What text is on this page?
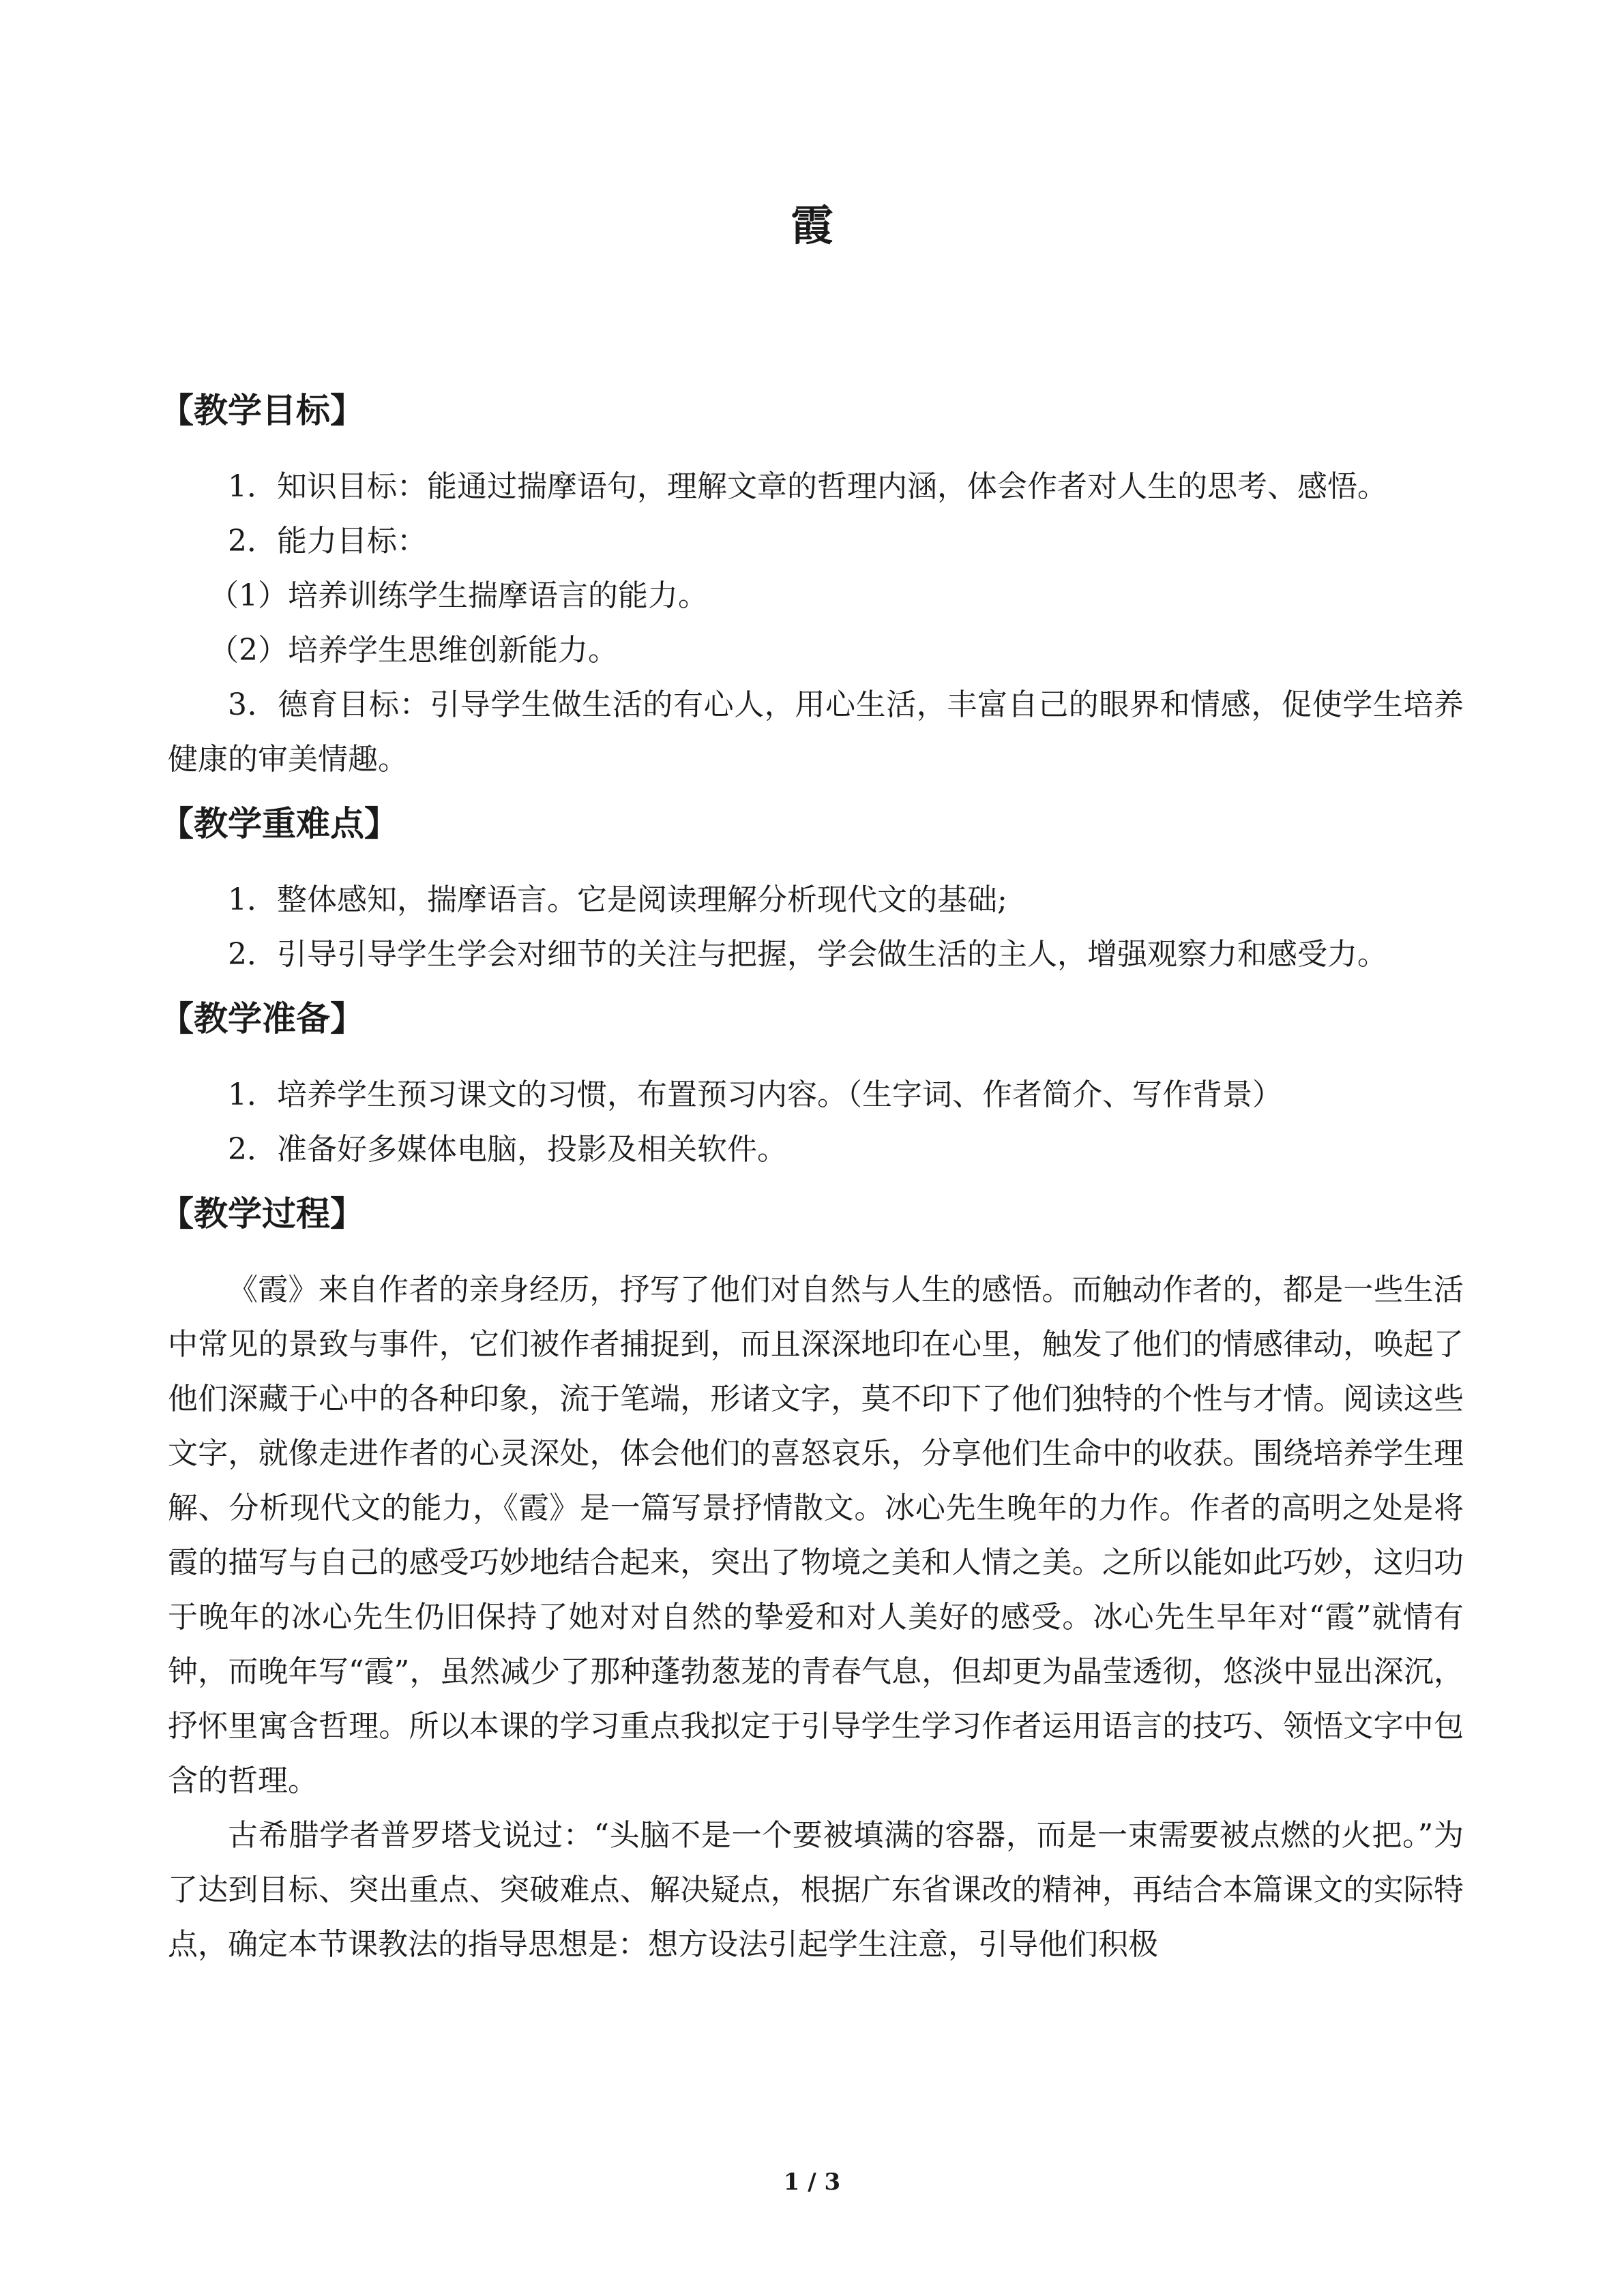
霞
【教学目标】

1．知识目标：能通过揣摩语句，理解文章的哲理内涵，体会作者对人生的思考、感悟。

2．能力目标：

（1）培养训练学生揣摩语言的能力。

（2）培养学生思维创新能力。

3．德育目标：引导学生做生活的有心人，用心生活，丰富自己的眼界和情感，促使学生培养健康的审美情趣。

【教学重难点】

1．整体感知，揣摩语言。它是阅读理解分析现代文的基础;

2．引导引导学生学会对细节的关注与把握，学会做生活的主人，增强观察力和感受力。

【教学准备】

1．培养学生预习课文的习惯，布置预习内容。（生字词、作者简介、写作背景）

2．准备好多媒体电脑，投影及相关软件。

【教学过程】

《霞》来自作者的亲身经历，抒写了他们对自然与人生的感悟。而触动作者的，都是一些生活中常见的景致与事件，它们被作者捕捉到，而且深深地印在心里，触发了他们的情感律动，唤起了他们深藏于心中的各种印象，流于笔端，形诸文字，莫不印下了他们独特的个性与才情。阅读这些文字，就像走进作者的心灵深处，体会他们的喜怒哀乐，分享他们生命中的收获。围绕培养学生理解、分析现代文的能力，《霞》是一篇写景抒情散文。冰心先生晚年的力作。作者的高明之处是将霞的描写与自己的感受巧妙地结合起来，突出了物境之美和人情之美。之所以能如此巧妙，这归功于晚年的冰心先生仍旧保持了她对对自然的挚爱和对人美好的感受。冰心先生早年对“霞”就情有钟，而晚年写“霞”，虽然减少了那种蓬勃葱茏的青春气息，但却更为晶莹透彻，悠淡中显出深沉，抒怀里寓含哲理。所以本课的学习重点我拟定于引导学生学习作者运用语言的技巧、领悟文字中包含的哲理。

古希腊学者普罗塔戈说过：“头脑不是一个要被填满的容器，而是一束需要被点燃的火把。”为了达到目标、突出重点、突破难点、解决疑点，根据广东省课改的精神，再结合本篇课文的实际特点，确定本节课教法的指导思想是：想方设法引起学生注意，引导他们积极

1 / 3
